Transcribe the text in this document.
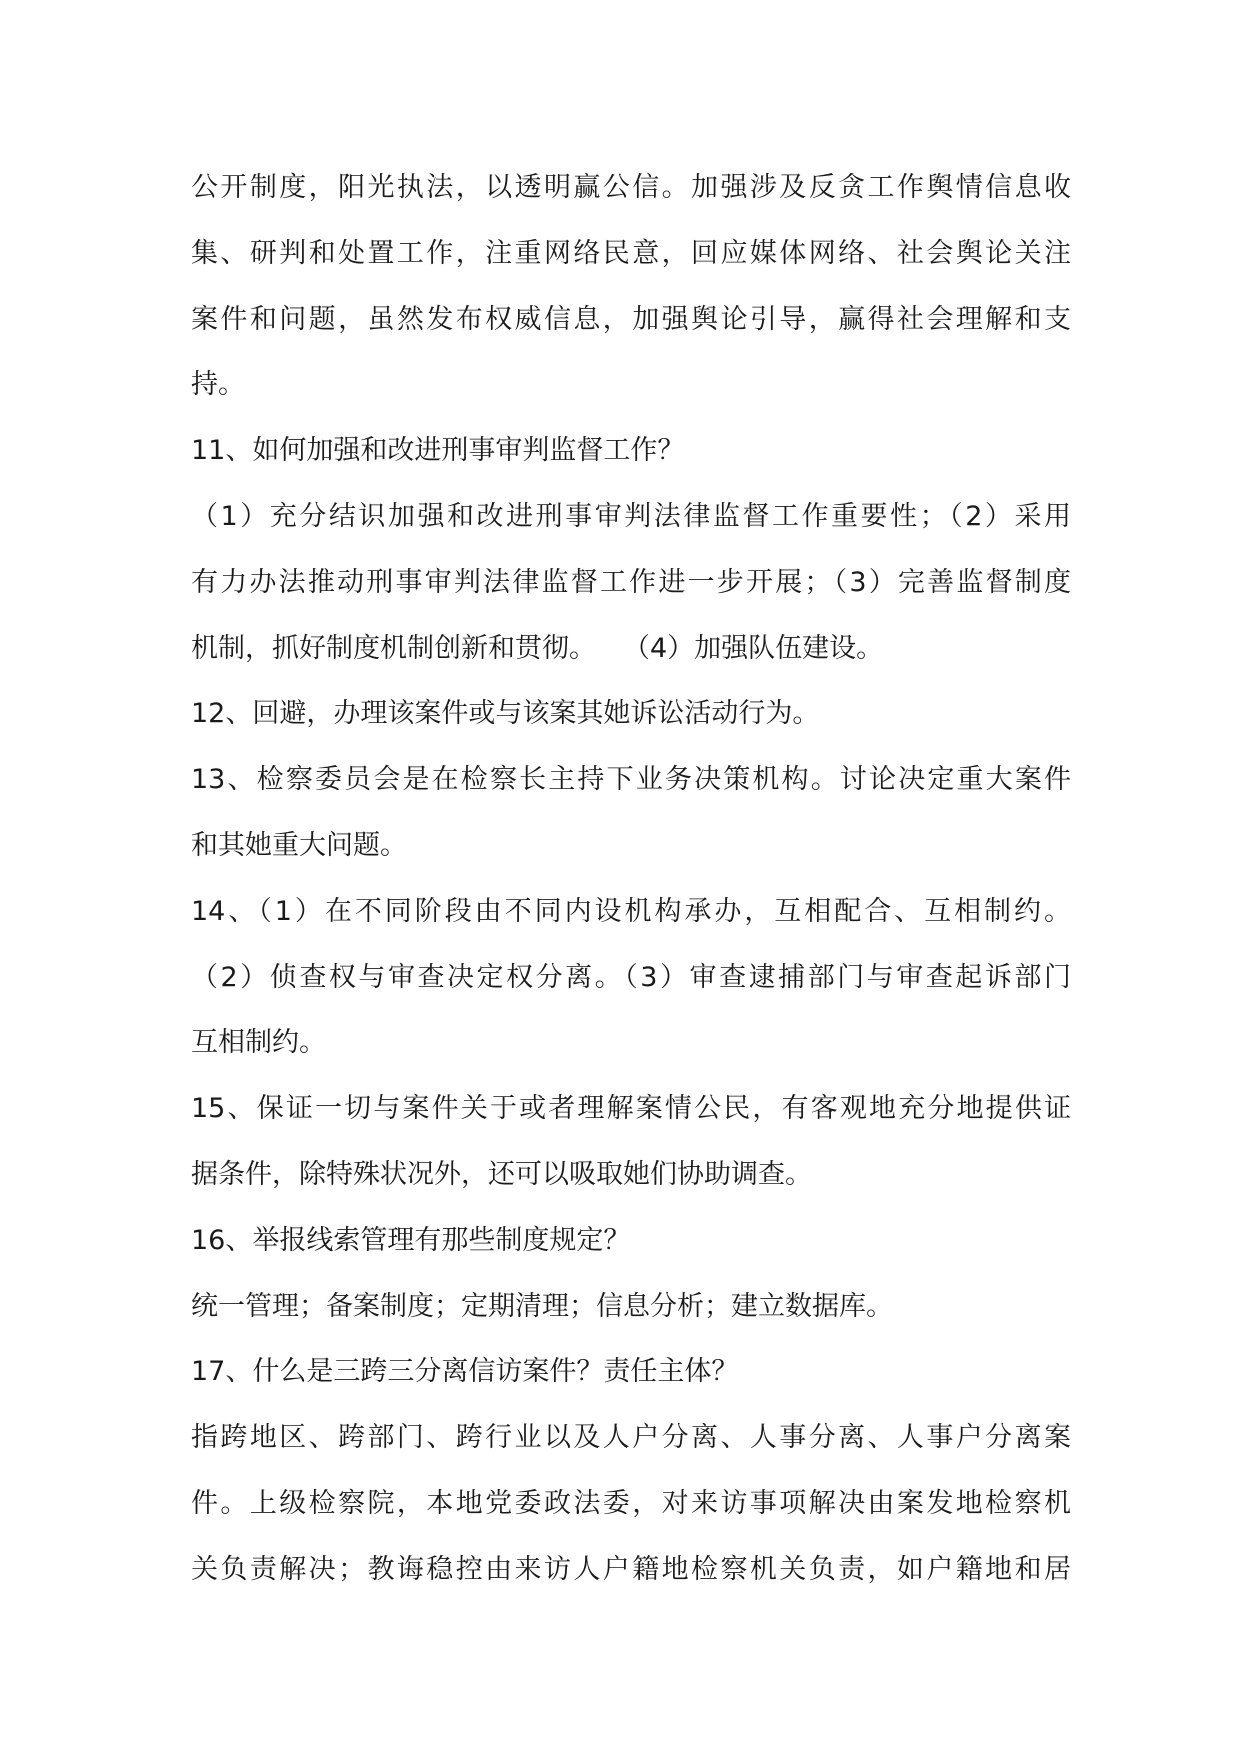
公开制度，阳光执法，以透明赢公信。加强涉及反贪工作舆情信息收
集、研判和处置工作，注重网络民意，回应媒体网络、社会舆论关注
案件和问题，虽然发布权威信息，加强舆论引导，赢得社会理解和支
持。
11、如何加强和改进刑事审判监督工作？
（1）充分结识加强和改进刑事审判法律监督工作重要性；（2）采用
有力办法推动刑事审判法律监督工作进一步开展；（3）完善监督制度
机制，抓好制度机制创新和贯彻。　　（4）加强队伍建设。
12、回避，办理该案件或与该案其她诉讼活动行为。
13、检察委员会是在检察长主持下业务决策机构。讨论决定重大案件
和其她重大问题。
14、（1）在不同阶段由不同内设机构承办，互相配合、互相制约。
（2）侦查权与审查决定权分离。（3）审查逮捕部门与审查起诉部门
互相制约。
15、保证一切与案件关于或者理解案情公民，有客观地充分地提供证
据条件，除特殊状况外，还可以吸取她们协助调查。
16、举报线索管理有那些制度规定？
统一管理；备案制度；定期清理；信息分析；建立数据库。
17、什么是三跨三分离信访案件？责任主体？
指跨地区、跨部门、跨行业以及人户分离、人事分离、人事户分离案
件。上级检察院，本地党委政法委，对来访事项解决由案发地检察机
关负责解决；教诲稳控由来访人户籍地检察机关负责，如户籍地和居
